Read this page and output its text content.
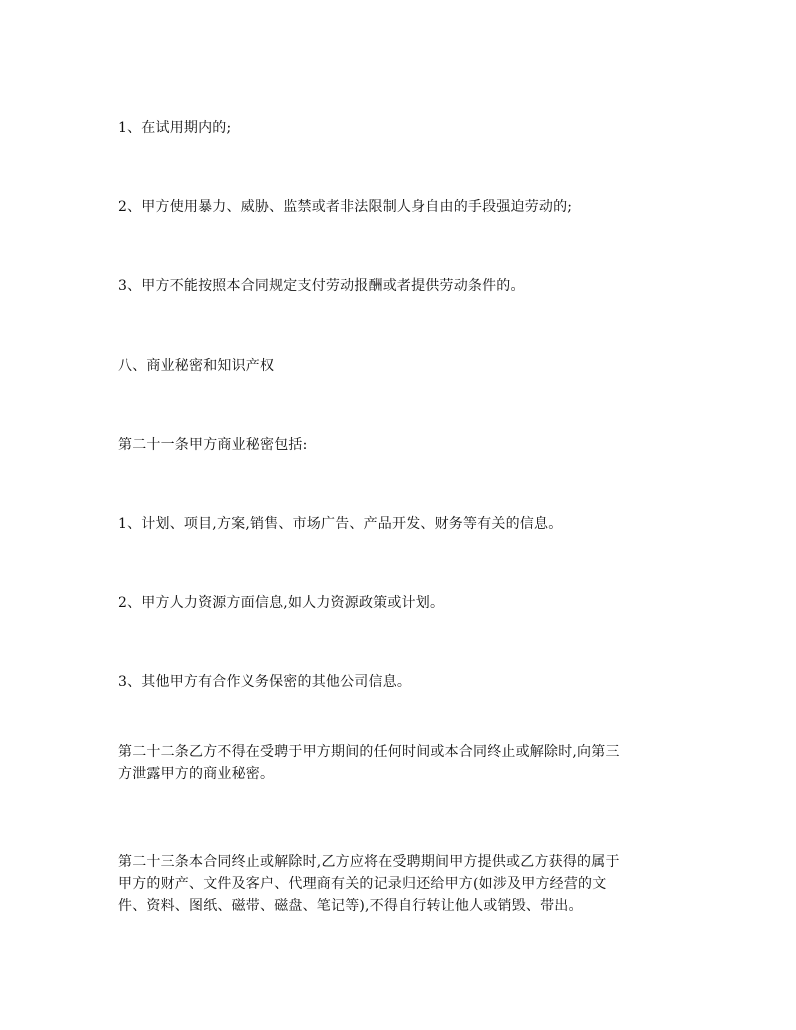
1、在试用期内的;
2、甲方使用暴力、威胁、监禁或者非法限制人身自由的手段强迫劳动的;
3、甲方不能按照本合同规定支付劳动报酬或者提供劳动条件的。
八、商业秘密和知识产权
第二十一条甲方商业秘密包括:
1、计划、项目,方案,销售、市场广告、产品开发、财务等有关的信息。
2、甲方人力资源方面信息,如人力资源政策或计划。
3、其他甲方有合作义务保密的其他公司信息。
第二十二条乙方不得在受聘于甲方期间的任何时间或本合同终止或解除时,向第三
方泄露甲方的商业秘密。
第二十三条本合同终止或解除时,乙方应将在受聘期间甲方提供或乙方获得的属于
甲方的财产、文件及客户、代理商有关的记录归还给甲方(如涉及甲方经营的文
件、资料、图纸、磁带、磁盘、笔记等),不得自行转让他人或销毁、带出。
